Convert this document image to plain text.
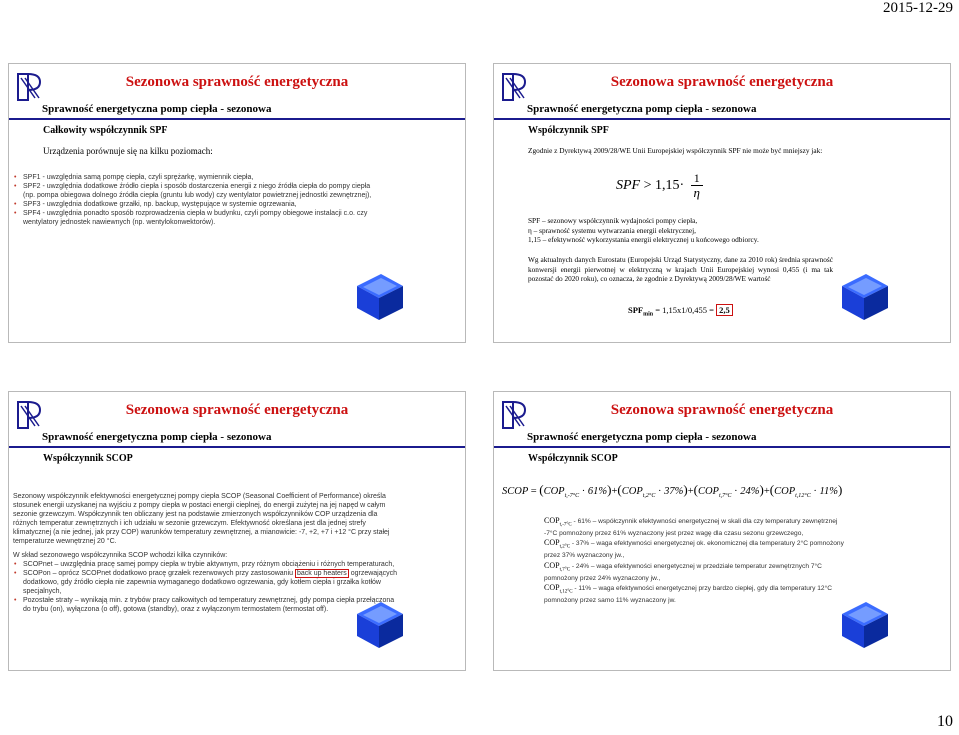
2015-12-29
Sezonowa sprawność energetyczna
Sprawność energetyczna pomp ciepła - sezonowa
Całkowity współczynnik SPF
Urządzenia porównuje się na kilku poziomach:
• SPF1 - uwzględnia samą pompę ciepła, czyli sprężarkę, wymiennik ciepła,
• SPF2 - uwzględnia dodatkowe źródło ciepła i sposób dostarczenia energii z niego źródła ciepła do pompy ciepła (np. pompa obiegowa dolnego źródła ciepła (gruntu lub wody) czy wentylator powietrznej jednostki zewnętrznej),
• SPF3 - uwzględnia dodatkowe grzałki, np. backup, występujące w systemie ogrzewania,
• SPF4 - uwzględnia ponadto sposób rozprowadzenia ciepła w budynku, czyli pompy obiegowe instalacji c.o. czy wentylatory jednostek nawiewnych (np. wentylokonwektorów).
Sezonowa sprawność energetyczna
Sprawność energetyczna pomp ciepła - sezonowa
Współczynnik SPF
Zgodnie z Dyrektywą 2009/28/WE Unii Europejskiej współczynnik SPF nie może być mniejszy jak:
SPF > $1,15\cdot \frac{1}{\eta}$
SPF – sezonowy współczynnik wydajności pompy ciepła,
η – sprawność systemu wytwarzania energii elektrycznej,
1,15 – efektywność wykorzystania energii elektrycznej u końcowego odbiorcy.
Wg aktualnych danych Eurostatu (Europejski Urząd Statystyczny, dane za 2010 rok) średnia sprawność konwersji energii pierwotnej w elektryczną w krajach Unii Europejskiej wynosi 0,455 (i ma tak pozostać do 2020 roku), co oznacza, że zgodnie z Dyrektywą 2009/28/WE wartość
$SPF_{min} = 1,15x1/0,455 = 2,5$
Sezonowa sprawność energetyczna
Sprawność energetyczna pomp ciepła - sezonowa
Współczynnik SCOP

Sezonowy współczynnik efektywności energetycznej pompy ciepła SCOP (Seasonal Coefficient of Performance) określa stosunek energii uzyskanej na wyjściu z pompy ciepła w postaci energii cieplnej, do energii zużytej na jej napęd w całym sezonie grzewczym. Współczynnik ten obliczany jest na podstawie zmierzonych współczynników COP urządzenia dla różnych temperatur zewnętrznych i ich udziału w sezonie grzewczym. Efektywność określana jest dla jednej strefy klimatycznej (a nie jednej, jak przy COP) warunków temperatury zewnętrznej, a mianowicie: -7, +2, +7 i +12 °C przy stałej temperaturze wewnętrznej 20 °C.

W skład sezonowego współczynnika SCOP wchodzi kilka czynników:

• SCOPnet – uwzględnia pracę samej pompy ciepła w trybie aktywnym, przy różnym obciążeniu i różnych temperaturach,
• SCOPon – oprócz SCOPnet dodatkowo pracę grzałek rezerwowych przy zastosowaniu back up heaters ogrzewających dodatkowo, gdy źródło ciepła nie zapewnia wymaganego dodatkowo ogrzewania, gdy kotłem ciepła i grzałka kotłów specjalnych,
• Pozostałe straty – wynikają min. z trybów pracy całkowitych od temperatury zewnętrznej, gdy pompa ciepła przełączona do trybu (on), wyłączona (o off), gotowa (standby), oraz z wyłączonym termostatem (termostat off).
Sezonowa sprawność energetyczna
Sprawność energetyczna pomp ciepła - sezonowa
Współczynnik SCOP
SCOP = $(COP_{t,-7^\circ C} \cdot 61\%)+(COP_{t,2^\circ C} \cdot 37\%)+(COP_{t,7^\circ C} \cdot 24\%)+(COP_{t,12^\circ C} \cdot 11\%)$
$COP_{t,-7^\circ C} - 61\%$ – współczynnik efektywności energetycznej w skali dla czy temperatury zewnętrznej -7°C pomnożony przez 61% wyznaczony jest przez wagę dla czasu sezonu grzewczego,
$COP_{t,2^\circ C} - 37\%$ – waga efektywności energetycznej ok. ekonomicznej dla temperatury 2°C pomnożony przez 37% wyznaczony jw.,
$COP_{t,7^\circ C} - 24\%$ – waga efektywności energetycznej w przedziale temperatur zewnętrznych 7°C pomnożony przez 24% wyznaczony jw.,
$COP_{t,12^\circ C} - 11\%$ – waga efektywności energetycznej przy bardzo ciepłej, gdy dla temperatury 12°C pomnożony przez samo 11% wyznaczony jw.
10
